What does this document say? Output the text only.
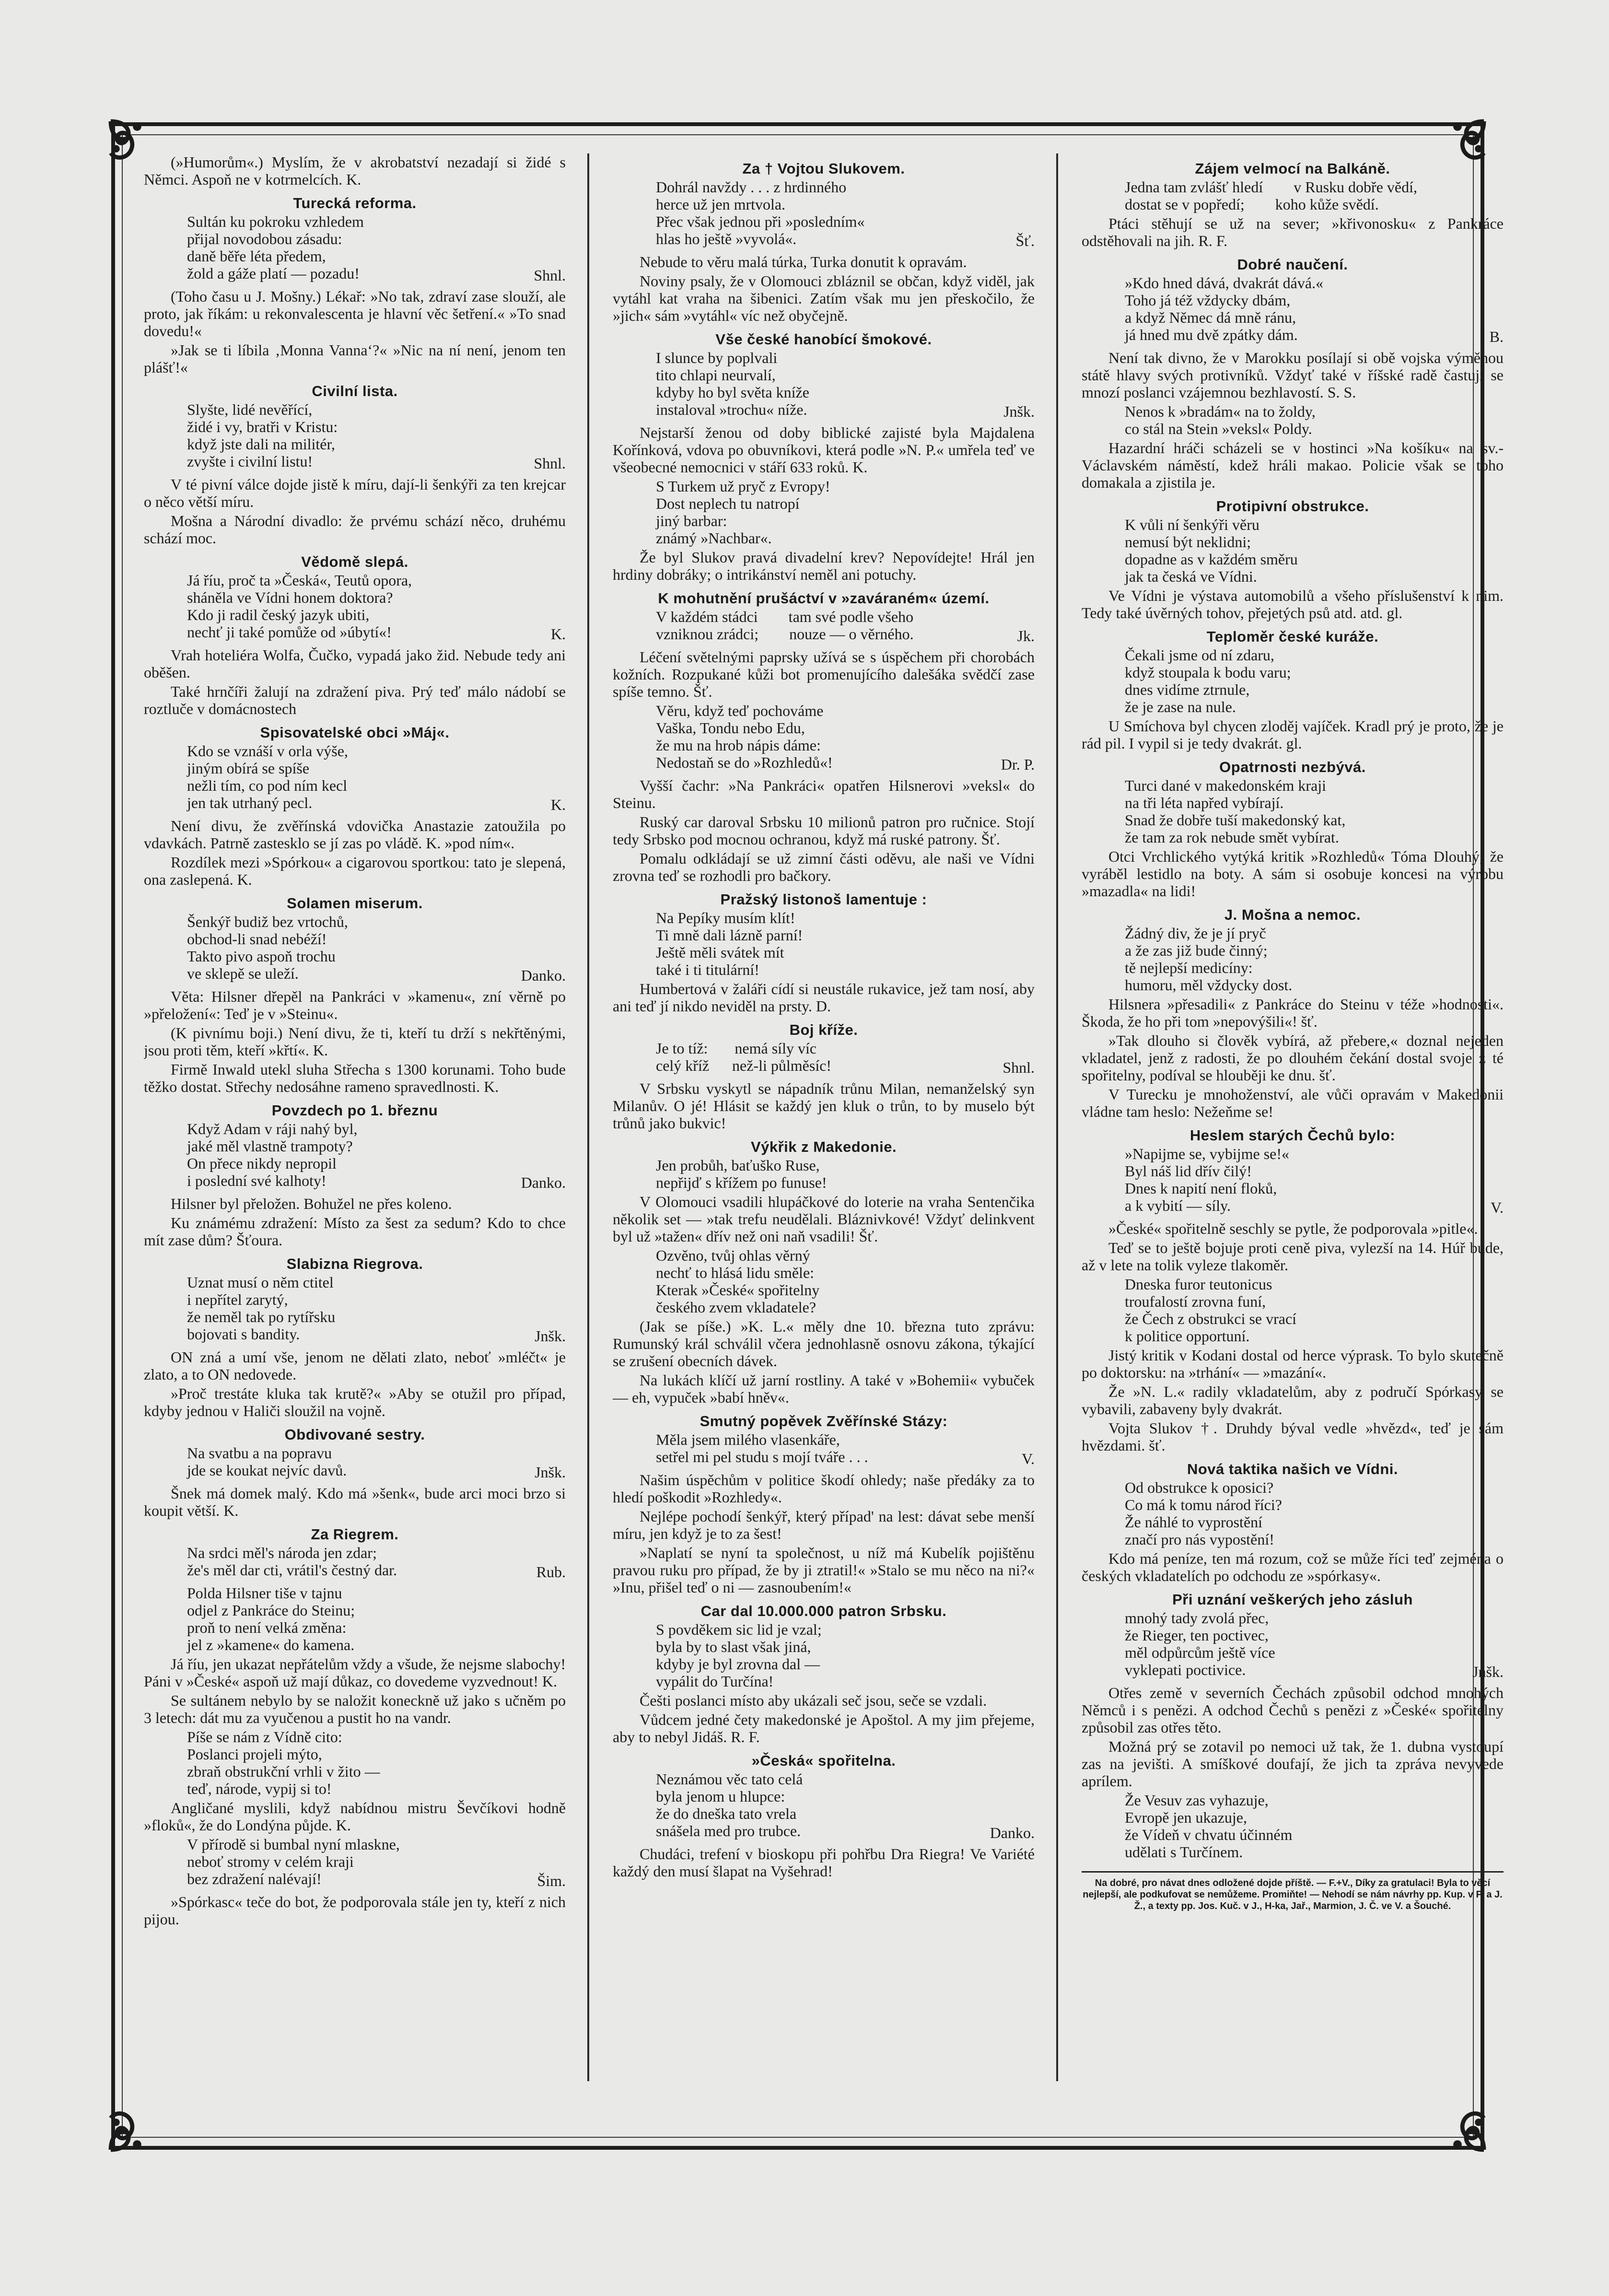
(»Humorům«.) Myslím, že v akrobatství nezadají si židé s Němci. Aspoň ne v kotrmelcích. K.
Turecká reforma.
Sultán ku pokroku vzhledem
přijal novodobou zásadu:
daně běře léta předem,
žold a gáže platí — pozadu!	Shnl.
(Toho času u J. Mošny.) Lékař: »No tak, zdraví zase slouží, ale proto, jak říkám: u rekonvalescenta je hlavní věc šetření.« »To snad dovedu!«
»Jak se ti líbila ‚Monna Vanna‘?« »Nic na ní není, jenom ten plášť!«
Civilní lista.
Slyšte, lidé nevěřící,
židé i vy, bratři v Kristu:
když jste dali na militér,
zvyšte i civilní listu!	Shnl.
V té pivní válce dojde jistě k míru, dají-li šenkýři za ten krejcar o něco větší míru.
Mošna a Národní divadlo: že prvému schází něco, druhému schází moc.
Vědomě slepá.
Já říu, proč ta »Česká«, Teutů opora,
sháněla ve Vídni honem doktora?
Kdo ji radil český jazyk ubiti,
nechť ji také pomůže od »úbytí«!	K.
Vrah hoteliéra Wolfa, Čučko, vypadá jako žid. Nebude tedy ani oběšen.
Také hrnčíři žalují na zdražení piva. Prý teď málo nádobí se roztluče v domácnostech
Spisovatelské obci »Máj«.
Kdo se vznáší v orla výše,
jiným obírá se spíše
nežli tím, co pod ním kecl
jen tak utrhaný pecl.	K.
Není divu, že zvěřínská vdovička Anastazie zatoužila po vdavkách. Patrně zastesklo se jí zas po vládě. K. »pod ním«.
Rozdílek mezi »Spórkou« a cigarovou sportkou: tato je slepená, ona zaslepená. K.
Solamen miserum.
Šenkýř budiž bez vrtochů,
obchod-li snad nebéží!
Takto pivo aspoň trochu
ve sklepě se uleží.	Danko.
Věta: Hilsner dřepěl na Pankráci v »kamenu«, zní věrně po »přeložení«: Teď je v »Steinu«.
(K pivnímu boji.) Není divu, že ti, kteří tu drží s nekřtěnými, jsou proti těm, kteří »křtí«. K.
Firmě Inwald utekl sluha Střecha s 1300 korunami. Toho bude těžko dostat. Střechy nedosáhne rameno spravedlnosti. K.
Povzdech po 1. březnu
Když Adam v ráji nahý byl,
jaké měl vlastně trampoty?
On přece nikdy nepropil
i poslední své kalhoty!	Danko.
Hilsner byl přeložen. Bohužel ne přes koleno.
Ku známému zdražení: Místo za šest za sedum? Kdo to chce mít zase dům? Šťoura.
Slabizna Riegrova.
Uznat musí o něm ctitel
i nepřítel zarytý,
že neměl tak po rytířsku
bojovati s bandity.	Jnšk.
ON zná a umí vše, jenom ne dělati zlato, neboť »mléčt« je zlato, a to ON nedovede.
»Proč trestáte kluka tak krutě?« »Aby se otužil pro případ, kdyby jednou v Haliči sloužil na vojně.
Obdivované sestry.
Na svatbu a na popravu
jde se koukat nejvíc davů.	Jnšk.
Šnek má domek malý. Kdo má »šenk«, bude arci moci brzo si koupit větší. K.
Za Riegrem.
Na srdci měl's národa jen zdar;
že's měl dar cti, vrátil's čestný dar.	Rub.
Polda Hilsner tiše v tajnu
odjel z Pankráce do Steinu;
proň to není velká změna:
jel z »kamene« do kamena.
Já říu, jen ukazat nepřátelům vždy a všude, že nejsme slabochy! Páni v »České« aspoň už mají důkaz, co dovedeme vyzvednout! K.
Se sultánem nebylo by se naložit koneckně už jako s učněm po 3 letech: dát mu za vyučenou a pustit ho na vandr.
Píše se nám z Vídně cito:
Poslanci projeli mýto,
zbraň obstrukční vrhli v žito —
teď, národe, vypij si to!
Angličané myslili, když nabídnou mistru Ševčíkovi hodně »floků«, že do Londýna půjde. K.
V přírodě si bumbal nyní mlaskne,
neboť stromy v celém kraji
bez zdražení nalévají!	Šim.
»Spórkasc« teče do bot, že podporovala stále jen ty, kteří z nich pijou.
Za † Vojtou Slukovem.
Dohrál navždy . . . z hrdinného
herce už jen mrtvola.
Přec však jednou při »posledním«
hlas ho ještě »vyvolá«.	Šť.
Nebude to věru malá túrka, Turka donutit k opravám.
Noviny psaly, že v Olomouci zbláznil se občan, když viděl, jak vytáhl kat vraha na šibenici. Zatím však mu jen přeskočilo, že »jich« sám »vytáhl« víc než obyčejně.
Vše české hanobící šmokové.
I slunce by poplvali
tito chlapi neurvalí,
kdyby ho byl světa kníže
instaloval »trochu« níže.	Jnšk.
Nejstarší ženou od doby biblické zajisté byla Majdalena Kořínková, vdova po obuvníkovi, která podle »N. P.« umřela teď ve všeobecné nemocnici v stáří 633 roků. K.
S Turkem už pryč z Evropy!
Dost neplech tu natropí
jiný barbar:
známý »Nachbar«.
Že byl Slukov pravá divadelní krev? Nepovídejte! Hrál jen hrdiny dobráky; o intrikánství neměl ani potuchy.
K mohutnění prušáctví v »zaváraném« území.
V každém stádci        tam své podle všeho
vzniknou zrádci;        nouze — o věrného.	Jk.
Léčení světelnými paprsky užívá se s úspěchem při chorobách kožních. Rozpukané kůži bot promenujícího dalešáka svědčí zase spíše temno. Šť.
Věru, když teď pochováme
Vaška, Tondu nebo Edu,
že mu na hrob nápis dáme:
Nedostaň se do »Rozhledů«!	Dr. P.
Vyšší čachr: »Na Pankráci« opatřen Hilsnerovi »veksl« do Steinu.
Ruský car daroval Srbsku 10 milionů patron pro ručnice. Stojí tedy Srbsko pod mocnou ochranou, když má ruské patrony. Šť.
Pomalu odkládají se už zimní části oděvu, ale naši ve Vídni zrovna teď se rozhodli pro bačkory.
Pražský listonoš lamentuje :
Na Pepíky musím klít!
Ti mně dali lázně parní!
Ještě měli svátek mít
také i ti titulární!
Humbertová v žaláři cídí si neustále rukavice, jež tam nosí, aby ani teď jí nikdo neviděl na prsty. D.
Boj kříže.
Je to tíž:       nemá síly víc
celý kříž      než-li půlměsíc!	Shnl.
V Srbsku vyskytl se nápadník trůnu Milan, nemanželský syn Milanův. O jé! Hlásit se každý jen kluk o trůn, to by muselo být trůnů jako bukvic!
Výkřik z Makedonie.
Jen probůh, baťuško Ruse,
nepřijď s křížem po funuse!
V Olomouci vsadili hlupáčkové do loterie na vraha Sentenčika několik set — »tak trefu neudělali. Bláznivkové! Vždyť delinkvent byl už »tažen« dřív než oni naň vsadili! Šť.
Ozvěno, tvůj ohlas věrný
nechť to hlásá lidu směle:
Kterak »České« spořitelny
českého zvem vkladatele?
(Jak se píše.) »K. L.« měly dne 10. března tuto zprávu: Rumunský král schválil včera jednohlasně osnovu zákona, týkající se zrušení obecních dávek.
Na lukách klíčí už jarní rostliny. A také v »Bohemii« vybuček — eh, vypuček »babí hněv«.
Smutný popěvek Zvěřínské Stázy:
Měla jsem milého vlasenkáře,
setřel mi pel studu s mojí tváře . . .	V.
Našim úspěchům v politice škodí ohledy; naše předáky za to hledí poškodit »Rozhledy«.
Nejlépe pochodí šenkýř, který případ' na lest: dávat sebe menší míru, jen když je to za šest!
»Naplatí se nyní ta společnost, u níž má Kubelík pojištěnu pravou ruku pro případ, že by ji ztratil!« »Stalo se mu něco na ni?« »Inu, přišel teď o ni — zasnoubením!«
Car dal 10.000.000 patron Srbsku.
S povděkem sic lid je vzal;
byla by to slast však jiná,
kdyby je byl zrovna dal —
vypálit do Turčína!
Češti poslanci místo aby ukázali seč jsou, seče se vzdali.
Vůdcem jedné čety makedonské je Apoštol. A my jim přejeme, aby to nebyl Jidáš. R. F.
»Česká« spořitelna.
Neznámou věc tato celá
byla jenom u hlupce:
že do dneška tato vrela
snášela med pro trubce.	Danko.
Chudáci, trefení v bioskopu při pohřbu Dra Riegra! Ve Variété každý den musí šlapat na Vyšehrad!
Zájem velmocí na Balkáně.
Jedna tam zvlášť hledí        v Rusku dobře vědí,
dostat se v popředí;        koho kůže svědí.
Ptáci stěhují se už na sever; »křivonosku« z Pankráce odstěhovali na jih. R. F.
Dobré naučení.
»Kdo hned dává, dvakrát dává.«
Toho já též vždycky dbám,
a když Němec dá mně ránu,
já hned mu dvě zpátky dám.	B.
Není tak divno, že v Marokku posílají si obě vojska výměnou státě hlavy svých protivníků. Vždyť také v říšské radě častují se mnozí poslanci vzájemnou bezhlavostí. S. S.
Nenos k »bradám« na to žoldy,
co stál na Stein »veksl« Poldy.
Hazardní hráči scházeli se v hostinci »Na košíku« na sv.-Václavském náměstí, kdež hráli makao. Policie však se toho domakala a zjistila je.
Protipivní obstrukce.
K vůli ní šenkýři věru
nemusí být neklidni;
dopadne as v každém směru
jak ta česká ve Vídni.
Ve Vídni je výstava automobilů a všeho příslušenství k nim. Tedy také úvěrných tohov, přejetých psů atd. atd. gl.
Teploměr české kuráže.
Čekali jsme od ní zdaru,
když stoupala k bodu varu;
dnes vidíme ztrnule,
že je zase na nule.
U Smíchova byl chycen zloděj vajíček. Kradl prý je proto, že je rád pil. I vypil si je tedy dvakrát. gl.
Opatrnosti nezbývá.
Turci dané v makedonském kraji
na tři léta napřed vybírají.
Snad že dobře tuší makedonský kat,
že tam za rok nebude smět vybírat.
Otci Vrchlického vytýká kritik »Rozhledů« Tóma Dlouhý, že vyráběl lestidlo na boty. A sám si osobuje koncesi na výrobu »mazadla« na lidi!
J. Mošna a nemoc.
Žádný div, že je jí pryč
a že zas již bude činný;
tě nejlepší medicíny:
humoru, měl vždycky dost.
Hilsnera »přesadili« z Pankráce do Steinu v téže »hodnosti«. Škoda, že ho při tom »nepovýšili«! šť.
»Tak dlouho si člověk vybírá, až přebere,« doznal nejeden vkladatel, jenž z radosti, že po dlouhém čekání dostal svoje z té spořitelny, podíval se hlouběji ke dnu. šť.
V Turecku je mnohoženství, ale vůči opravám v Makedonii vládne tam heslo: Nežeňme se!
Heslem starých Čechů bylo:
»Napijme se, vybijme se!«
Byl náš lid dřív čilý!
Dnes k napití není floků,
a k vybití — síly.	V.
»České« spořitelně seschly se pytle, že podporovala »pitle«.
Teď se to ještě bojuje proti ceně piva, vylezší na 14. Húř bude, až v lete na tolik vyleze tlakoměr.
Dneska furor teutonicus
troufalostí zrovna funí,
že Čech z obstrukci se vrací
k politice opportuní.
Jistý kritik v Kodani dostal od herce výprask. To bylo skutečně po doktorsku: na »trhání« — »mazání«.
Že »N. L.« radily vkladatelům, aby z područí Spórkasy se vybavili, zabaveny byly dvakrát.
Vojta Slukov †. Druhdy býval vedle »hvězd«, teď je sám hvězdami. šť.
Nová taktika našich ve Vídni.
Od obstrukce k oposici?
Co má k tomu národ říci?
Že náhlé to vyprostění
značí pro nás vypostění!
Kdo má peníze, ten má rozum, což se může říci teď zejména o českých vkladatelích po odchodu ze »spórkasy«.
Při uznání veškerých jeho zásluh
mnohý tady zvolá přec,
že Rieger, ten poctivec,
měl odpůrcům ještě více
vyklepati poctivice.	Jnšk.
Otřes země v severních Čechách způsobil odchod mnohých Němců i s penězi. A odchod Čechů s penězi z »České« spořitelny způsobil zas otřes těto.
Možná prý se zotavil po nemoci už tak, že 1. dubna vystoupí zas na jevišti. A smíškové doufají, že jich ta zpráva nevyvede aprílem.
Že Vesuv zas vyhazuje,
Evropě jen ukazuje,
že Vídeň v chvatu účinném
udělati s Turčínem.
Na dobré, pro návat dnes odložené dojde příště. — F.+V., Díky za gratulaci! Byla to věcí nejlepší, ale podkufovat se nemůžeme. Promiňte! — Nehodí se nám návrhy pp. Kup. v P. a J. Ž., a texty pp. Jos. Kuč. v J., H-ka, Jař., Marmion, J. Č. ve V. a Šouché.
